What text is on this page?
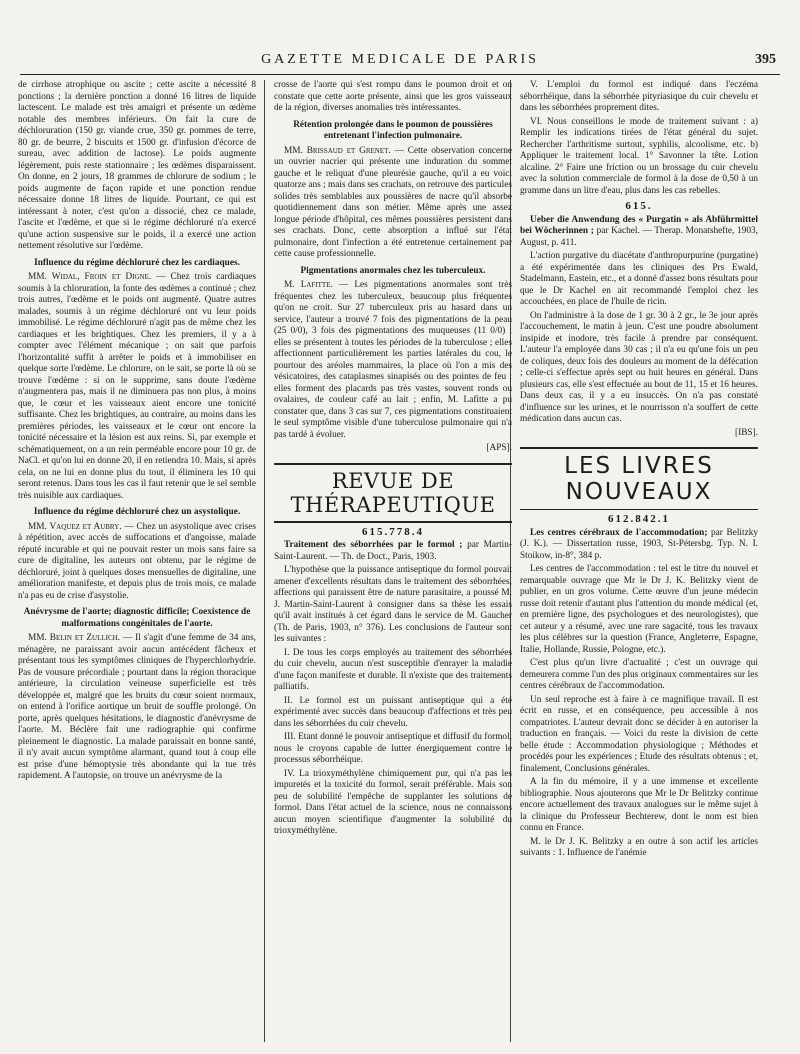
GAZETTE MEDICALE DE PARIS	395

de cirrhose atrophique ou ascite ; cette ascite a nécessité 8 ponctions ; la dernière ponction a donné 16 litres de liquide lactescent. Le malade est très amaigri et présente un œdème notable des membres inférieurs. On fait la cure de déchloruration (150 gr. viande crue, 350 gr. pommes de terre, 80 gr. de beurre, 2 biscuits et 1500 gr. d'infusion d'écorce de sureau, avec addition de lactose). Le poids augmente légèrement, puis reste stationnaire ; les œdèmes disparaissent. On donne, en 2 jours, 18 grammes de chlorure de sodium ; le poids augmente de façon rapide et une ponction rendue nécessaire donne 18 litres de liquide. Pourtant, ce qui est intéressant à noter, c'est qu'on a dissocié, chez ce malade, l'ascite et l'œdème, et que si le régime déchloruré n'a exercé qu'une action suspensive sur le poids, il a exercé une action nettement résolutive sur l'œdème.

Influence du régime déchloruré chez les cardiaques.

MM. Widal, Froin et Digne. — Chez trois cardiaques soumis à la chloruration, la fonte des œdèmes a continué ; chez trois autres, l'œdème et le poids ont augmenté. Quatre autres malades, soumis à un régime déchloruré ont vu leur poids immobilisé. Le régime déchloruré n'agit pas de même chez les cardiaques et les brightiques. Chez les premiers, il y a à compter avec l'élément mécanique ; on sait que parfois l'horizontalité suffit à arrêter le poids et à immobiliser en quelque sorte l'œdème. Le chlorure, on le sait, se porte là où se trouve l'œdème : si on le supprime, sans doute l'œdème n'augmentera pas, mais il ne diminuera pas non plus, à moins que, le cœur et les vaisseaux aient encore une tonicité suffisante. Chez les brightiques, au contraire, au moins dans les premières périodes, les vaisseaux et le cœur ont encore la tonicité nécessaire et la lésion est aux reins. Si, par exemple et schématiquement, on a un rein perméable encore pour 10 gr. de NaCl. et qu'on lui en donne 20, il en retiendra 10. Mais, si après cela, on ne lui en donne plus du tout, il éliminera les 10 qui seront retenus. Dans tous les cas il faut retenir que le sel semble très nuisible aux cardiaques.

Influence du régime déchloruré chez un asystolique.

MM. Vaquez et Aubry. — Chez un asystolique avec crises à répétition, avec accès de suffocations et d'angoisse, malade réputé incurable et qui ne pouvait rester un mois sans faire sa cure de digitaline, les auteurs ont obtenu, par le régime de déchloruré, joint à quelques doses mensuelles de digitaline, une amélioration manifeste, et depuis plus de trois mois, ce malade n'a pas eu de crise d'asystolie.

Anévrysme de l'aorte; diagnostic difficile; Coexistence de malformations congénitales de l'aorte.

MM. Belin et Zullich. — Il s'agit d'une femme de 34 ans, ménagère, ne paraissant avoir aucun antécédent fâcheux et présentant tous les symptômes cliniques de l'hyperchlorhydrie. Pas de vousure précordiale ; pourtant dans la région thoracique antérieure, la circulation veineuse superficielle est très développée et, malgré que les bruits du cœur soient normaux, on entend à l'orifice aortique un bruit de souffle prolongé. On porte, après quelques hésitations, le diagnostic d'anévrysme de l'aorte. M. Béclère fait une radiographie qui confirme pleinement le diagnostic. La malade paraissait en bonne santé, il n'y avait aucun symptôme alarmant, quand tout à coup elle est prise d'une hémoptysie très abondante qui la tue très rapidement. A l'autopsie, on trouve un anévrysme de la

crosse de l'aorte qui s'est rompu dans le poumon droit et on constate que cette aorte présente, ainsi que les gros vaisseaux de la région, diverses anomalies très intéressantes.

Rétention prolongée dans le poumon de poussières entretenant l'infection pulmonaire.

MM. Brissaud et Grenet. — Cette observation concerne un ouvrier nacrier qui présente une induration du sommet gauche et le reliquat d'une pleurésie gauche, qu'il a eu voici quatorze ans ; mais dans ses crachats, on retrouve des particules solides très semblables aux poussières de nacre qu'il absorbe quotidiennement dans son métier. Même après une assez longue période d'hôpital, ces mêmes poussières persistent dans ses crachats. Donc, cette absorption a influé sur l'état pulmonaire, dont l'infection a été entretenue certainement par cette cause professionnelle.

Pigmentations anormales chez les tuberculeux.

M. Lafitte. — Les pigmentations anormales sont très fréquentes chez les tuberculeux, beaucoup plus fréquentes qu'on ne croit. Sur 27 tuberculeux pris au hasard dans un service, l'auteur a trouvé 7 fois des pigmentations de la peau (25 0/0), 3 fois des pigmentations des muqueuses (11 0/0) ; elles se présentent à toutes les périodes de la tuberculose ; elles affectionnent particulièrement les parties latérales du cou, le pourtour des aréoles mammaires, la place où l'on a mis des vésicatoires, des cataplasmes sinapisés ou des pointes de feu ; elles forment des placards pas très vastes, souvent ronds ou ovalaires, de couleur café au lait ; enfin, M. Lafitte a pu constater que, dans 3 cas sur 7, ces pigmentations constituaient le seul symptôme visible d'une tuberculose pulmonaire qui n'a pas tardé à évoluer.

[APS].

REVUE DE THÉRAPEUTIQUE
615.778.4

Traitement des séborrhées par le formol ; par Martin-Saint-Laurent. — Th. de Doct., Paris, 1903.

L'hypothèse que la puissance antiseptique du formol pouvait amener d'excellents résultats dans le traitement des séborrhées, affections qui paraissent être de nature parasitaire, a poussé M. J. Martin-Saint-Laurent à consigner dans sa thèse les essais qu'il avait institués à cet égard dans le service de M. Gaucher (Th. de Paris, 1903, n° 376). Les conclusions de l'auteur sont les suivantes :

I. De tous les corps employés au traitement des séborrhées du cuir chevelu, aucun n'est susceptible d'enrayer la maladie d'une façon manifeste et durable. Il n'existe que des traitements palliatifs.

II. Le formol est un puissant antiseptique qui a été expérimenté avec succès dans beaucoup d'affections et très peu dans les séborrhées du cuir chevelu.

III. Etant donné le pouvoir antiseptique et diffusif du formol, nous le croyons capable de lutter énergiquement contre le processus séborrhéique.

IV. La trioxyméthylène chimiquement pur, qui n'a pas les impuretés et la toxicité du formol, serait préférable. Mais son peu de solubilité l'empêche de supplanter les solutions de formol. Dans l'état actuel de la science, nous ne connaissons aucun moyen scientifique d'augmenter la solubilité du trioxyméthylène.

V. L'emploi du formol est indiqué dans l'eczéma séborrhéique, dans la séborrhée pityriasique du cuir chevelu et dans les séborrhées proprement dites.

VI. Nous conseillons le mode de traitement suivant : a) Remplir les indications tirées de l'état général du sujet. Rechercher l'arthritisme surtout, syphilis, alcoolisme, etc. b) Appliquer le traitement local. 1° Savonner la tête. Lotion alcaline. 2° Faire une friction ou un brossage du cuir chevelu avec la solution commerciale de formol à la dose de 0,50 à un gramme dans un litre d'eau, plus dans les cas rebelles.

615.

Ueber die Anwendung des « Purgatin » als Abführmittel bei Wöcherinnen ; par Kachel. — Therap. Monatshefte, 1903, August, p. 411.

L'action purgative du diacétate d'anthropurpurine (purgatine) a été expérimentée dans les cliniques des Prs Ewald, Stadelmann, Eastein, etc., et a donné d'assez bons résultats pour que le Dr Kachel en ait recommandé l'emploi chez les accouchées, en place de l'huile de ricin.

On l'administre à la dose de 1 gr. 30 à 2 gr., le 3e jour après l'accouchement, le matin à jeun. C'est une poudre absolument insipide et inodore, très facile à prendre par conséquent. L'auteur l'a employée dans 30 cas ; il n'a eu qu'une fois un peu de coliques, deux fois des douleurs au moment de la défécation ; celle-ci s'effectue après sept ou huit heures en général. Dans plusieurs cas, elle s'est effectuée au bout de 11, 15 et 16 heures. Dans deux cas, il y a eu insuccès. On n'a pas constaté d'influence sur les urines, et le nourrisson n'a souffert de cette médication dans aucun cas.

[IBS].

LES LIVRES NOUVEAUX
612.842.1

Les centres cérébraux de l'accommodation; par Belitzky (J. K.). — Dissertation russe, 1903, St-Pétersbg. Typ. N. I. Stoikow, in-8°, 384 p.

Les centres de l'accommodation : tel est le titre du nouvel et remarquable ouvrage que Mr le Dr J. K. Belitzky vient de publier, en un gros volume. Cette œuvre d'un jeune médecin russe doit retenir d'autant plus l'attention du monde médical (et, en première ligne, des psychologues et des neurologistes), que cet auteur y a résumé, avec une rare sagacité, tous les travaux les plus célèbres sur la question (France, Angleterre, Espagne, Italie, Hollande, Russie, Pologne, etc.).

C'est plus qu'un livre d'actualité ; c'est un ouvrage qui demeurera comme l'un des plus originaux commentaires sur les centres cérébraux de l'accommodation.

Un seul reproche est à faire à ce magnifique travail. Il est écrit en russe, et en conséquence, peu accessible à nos compatriotes. L'auteur devrait donc se décider à en autoriser la traduction en français. — Voici du reste la division de cette belle étude : Accommodation physiologique ; Méthodes et procédés pour les expériences ; Etude des résultats obtenus ; et, finalement, Conclusions générales.

A la fin du mémoire, il y a une immense et excellente bibliographie. Nous ajouterons que Mr le Dr Belitzky continue encore actuellement des travaux analogues sur le même sujet à la clinique du Professeur Bechterew, dont le nom est bien connu en France.

M. le Dr J. K. Belitzky a en outre à son actif les articles suivants : 1. Influence de l'anémie
